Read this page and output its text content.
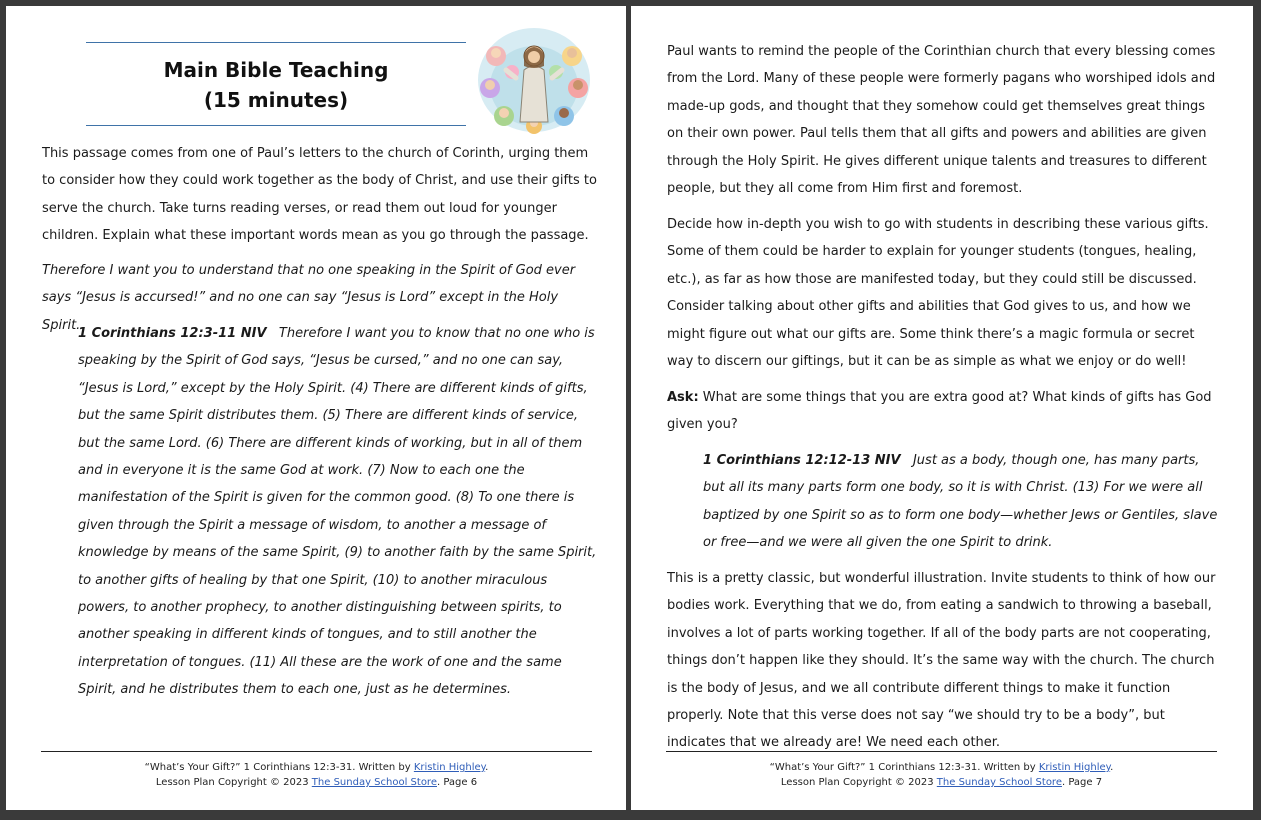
Main Bible Teaching
(15 minutes)

This passage comes from one of Paul’s letters to the church of Corinth, urging them to consider how they could work together as the body of Christ, and use their gifts to serve the church. Take turns reading verses, or read them out loud for younger children. Explain what these important words mean as you go through the passage.

Therefore I want you to understand that no one speaking in the Spirit of God ever says “Jesus is accursed!” and no one can say “Jesus is Lord” except in the Holy Spirit.

1 Corinthians 12:3-11 NIV Therefore I want you to know that no one who is speaking by the Spirit of God says, “Jesus be cursed,” and no one can say, “Jesus is Lord,” except by the Holy Spirit. (4) There are different kinds of gifts, but the same Spirit distributes them. (5) There are different kinds of service, but the same Lord. (6) There are different kinds of working, but in all of them and in everyone it is the same God at work. (7) Now to each one the manifestation of the Spirit is given for the common good. (8) To one there is given through the Spirit a message of wisdom, to another a message of knowledge by means of the same Spirit, (9) to another faith by the same Spirit, to another gifts of healing by that one Spirit, (10) to another miraculous powers, to another prophecy, to another distinguishing between spirits, to another speaking in different kinds of tongues, and to still another the interpretation of tongues. (11) All these are the work of one and the same Spirit, and he distributes them to each one, just as he determines.

“What’s Your Gift?” 1 Corinthians 12:3-31. Written by Kristin Highley.
Lesson Plan Copyright © 2023 The Sunday School Store. Page 6

Paul wants to remind the people of the Corinthian church that every blessing comes from the Lord. Many of these people were formerly pagans who worshiped idols and made-up gods, and thought that they somehow could get themselves great things on their own power. Paul tells them that all gifts and powers and abilities are given through the Holy Spirit. He gives different unique talents and treasures to different people, but they all come from Him first and foremost.

Decide how in-depth you wish to go with students in describing these various gifts. Some of them could be harder to explain for younger students (tongues, healing, etc.), as far as how those are manifested today, but they could still be discussed. Consider talking about other gifts and abilities that God gives to us, and how we might figure out what our gifts are. Some think there’s a magic formula or secret way to discern our giftings, but it can be as simple as what we enjoy or do well!

Ask: What are some things that you are extra good at? What kinds of gifts has God given you?

1 Corinthians 12:12-13 NIV Just as a body, though one, has many parts, but all its many parts form one body, so it is with Christ. (13) For we were all baptized by one Spirit so as to form one body—whether Jews or Gentiles, slave or free—and we were all given the one Spirit to drink.

This is a pretty classic, but wonderful illustration. Invite students to think of how our bodies work. Everything that we do, from eating a sandwich to throwing a baseball, involves a lot of parts working together. If all of the body parts are not cooperating, things don’t happen like they should. It’s the same way with the church. The church is the body of Jesus, and we all contribute different things to make it function properly. Note that this verse does not say “we should try to be a body”, but indicates that we already are! We need each other.

“What’s Your Gift?” 1 Corinthians 12:3-31. Written by Kristin Highley.
Lesson Plan Copyright © 2023 The Sunday School Store. Page 7
